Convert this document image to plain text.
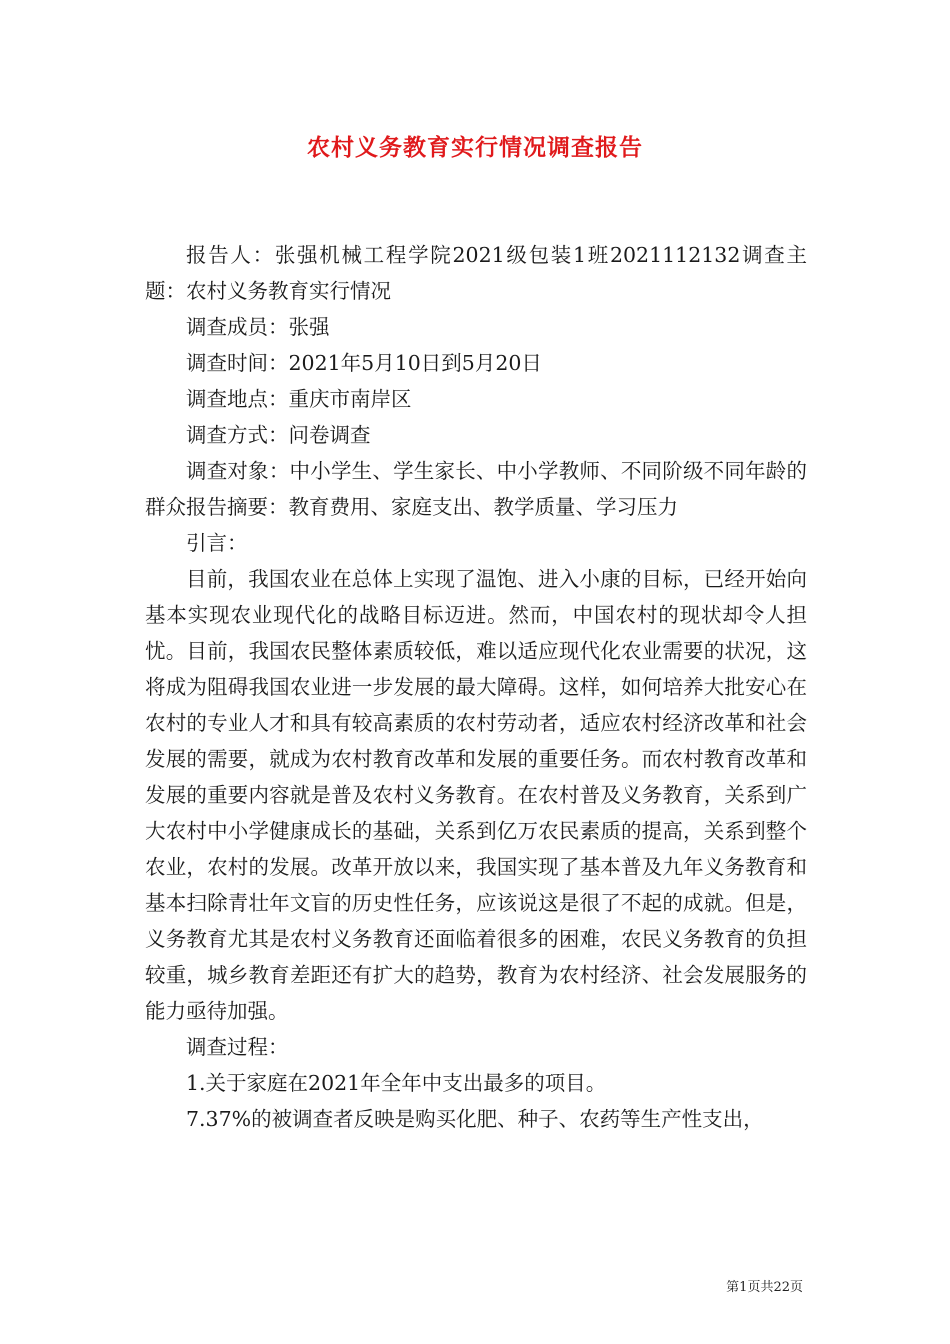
农村义务教育实行情况调查报告

报告人：张强机械工程学院2021级包装1班2021112132调查主题：农村义务教育实行情况

调查成员：张强

调查时间：2021年5月10日到5月20日

调查地点：重庆市南岸区

调查方式：问卷调查

调查对象：中小学生、学生家长、中小学教师、不同阶级不同年龄的群众报告摘要：教育费用、家庭支出、教学质量、学习压力

引言：

目前，我国农业在总体上实现了温饱、进入小康的目标，已经开始向基本实现农业现代化的战略目标迈进。然而，中国农村的现状却令人担忧。目前，我国农民整体素质较低，难以适应现代化农业需要的状况，这将成为阻碍我国农业进一步发展的最大障碍。这样，如何培养大批安心在农村的专业人才和具有较高素质的农村劳动者，适应农村经济改革和社会发展的需要，就成为农村教育改革和发展的重要任务。而农村教育改革和发展的重要内容就是普及农村义务教育。在农村普及义务教育，关系到广大农村中小学健康成长的基础，关系到亿万农民素质的提高，关系到整个农业，农村的发展。改革开放以来，我国实现了基本普及九年义务教育和基本扫除青壮年文盲的历史性任务，应该说这是很了不起的成就。但是，义务教育尤其是农村义务教育还面临着很多的困难，农民义务教育的负担较重，城乡教育差距还有扩大的趋势，教育为农村经济、社会发展服务的能力亟待加强。

调查过程：

1.关于家庭在2021年全年中支出最多的项目。

7.37%的被调查者反映是购买化肥、种子、农药等生产性支出，

第1页共22页
